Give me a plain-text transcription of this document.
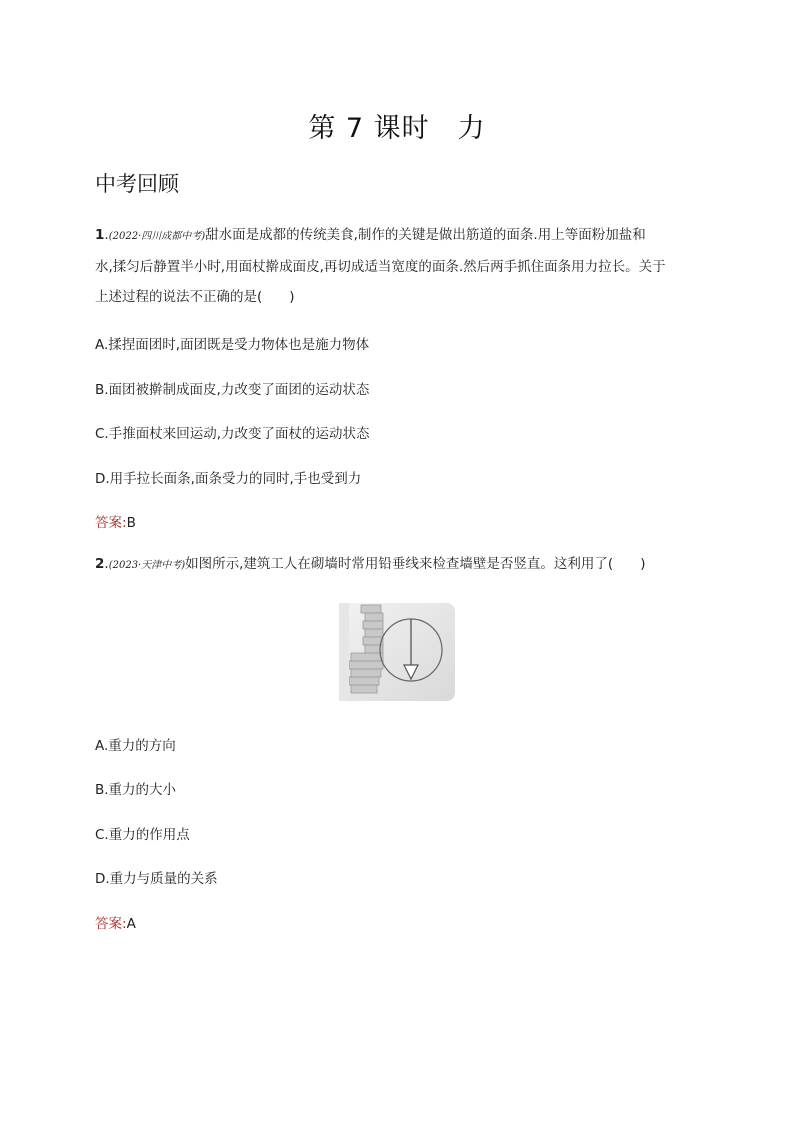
第 7 课时　力
中考回顾
1.(2022·四川成都中考)甜水面是成都的传统美食,制作的关键是做出筋道的面条.用上等面粉加盐和
水,揉匀后静置半小时,用面杖擀成面皮,再切成适当宽度的面条.然后两手抓住面条用力拉长。关于
上述过程的说法不正确的是(　　)
A.揉捏面团时,面团既是受力物体也是施力物体
B.面团被擀制成面皮,力改变了面团的运动状态
C.手推面杖来回运动,力改变了面杖的运动状态
D.用手拉长面条,面条受力的同时,手也受到力
答案:B
2.(2023·天津中考)如图所示,建筑工人在砌墙时常用铅垂线来检查墙壁是否竖直。这利用了(　　)
A.重力的方向
B.重力的大小
C.重力的作用点
D.重力与质量的关系
答案:A
